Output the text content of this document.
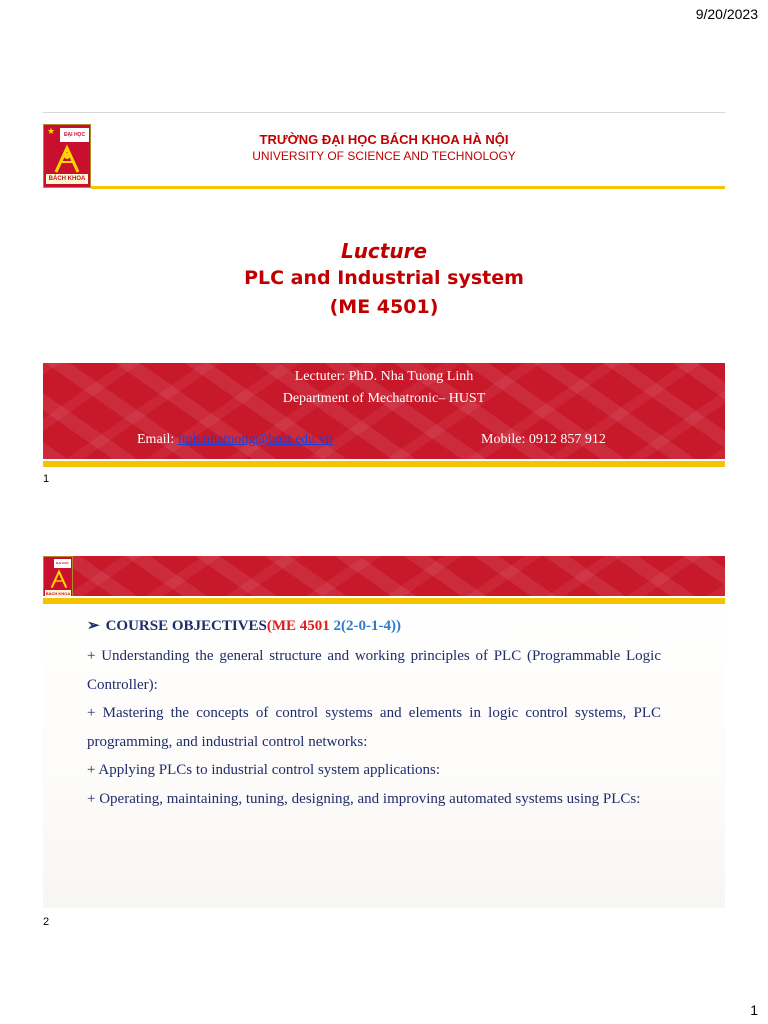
9/20/2023
★	ĐẠI HỌC
BÁCH KHOA
TRƯỜNG ĐẠI HỌC BÁCH KHOA HÀ NỘI
UNIVERSITY OF SCIENCE AND TECHNOLOGY
Lucture
PLC and Industrial system
(ME 4501)
Lectuter: PhD. Nha Tuong Linh
Department of Mechatronic– HUST
Email: linh.nhatuong@hust.edu.vn	Mobile: 0912 857 912
1
ĐẠI HỌC
BÁCH KHOA
➢ COURSE OBJECTIVES(ME 4501 2(2-0-1-4))

+ Understanding the general structure and working principles of PLC (Programmable Logic Controller):

+ Mastering the concepts of control systems and elements in logic control systems, PLC programming, and industrial control networks:

+ Applying PLCs to industrial control system applications:

+ Operating, maintaining, tuning, designing, and improving automated systems using PLCs:

2
1
